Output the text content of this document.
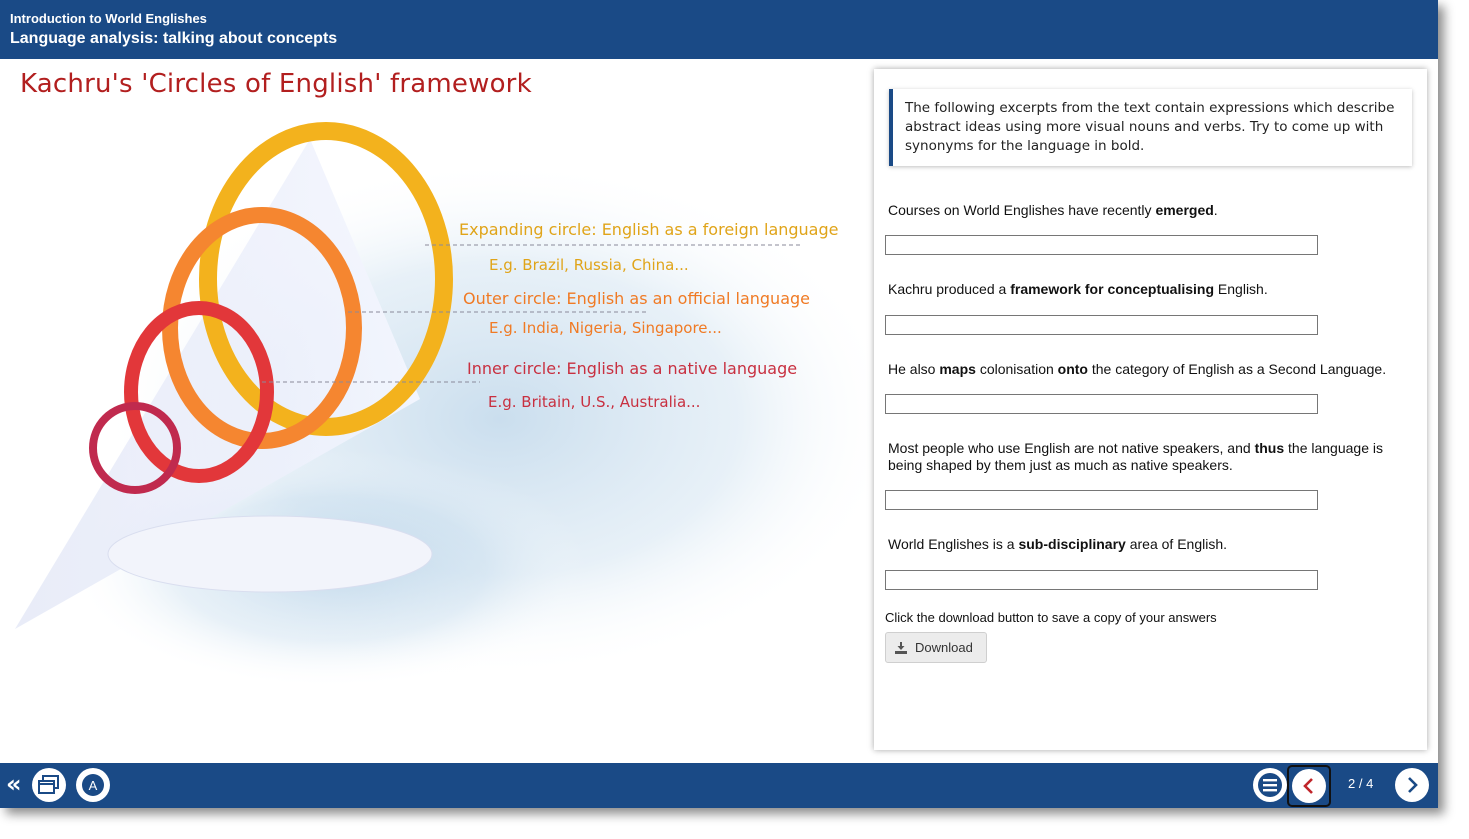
Introduction to World Englishes
Language analysis: talking about concepts
Kachru's 'Circles of English' framework
Expanding circle: English as a foreign language
E.g. Brazil, Russia, China...
Outer circle: English as an official language
E.g. India, Nigeria, Singapore...
Inner circle: English as a native language
E.g. Britain, U.S., Australia...
The following excerpts from the text contain expressions which describe abstract ideas using more visual nouns and verbs. Try to come up with synonyms for the language in bold.
Courses on World Englishes have recently emerged.
Kachru produced a framework for conceptualising English.
He also maps colonisation onto the category of English as a Second Language.
Most people who use English are not native speakers, and thus the language is being shaped by them just as much as native speakers.
World Englishes is a sub-disciplinary area of English.
Click the download button to save a copy of your answers
Download
«	A	2 / 4
